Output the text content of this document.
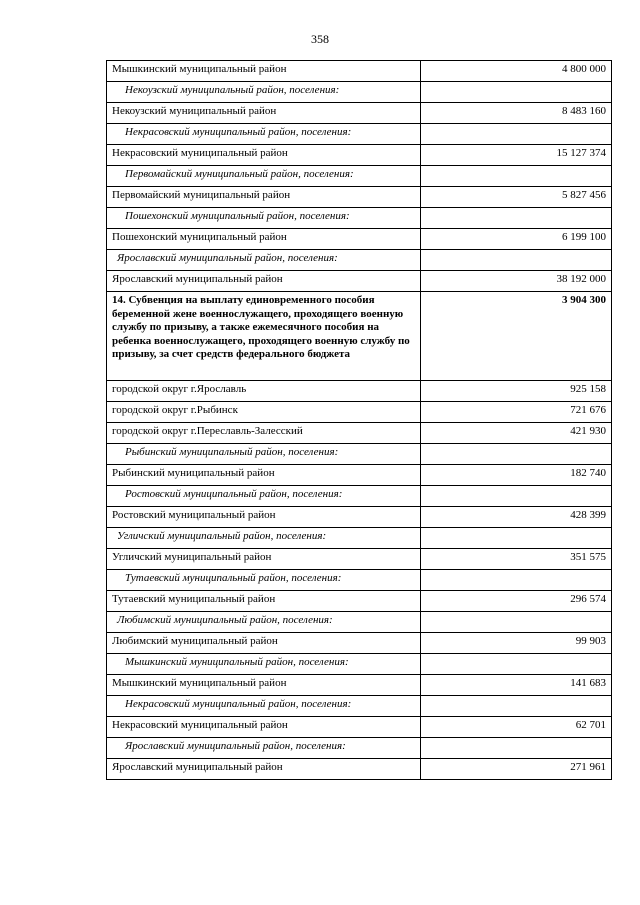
358
Мышкинский муниципальный район	4 800 000
Некоузский муниципальный район, поселения:	
Некоузский муниципальный район	8 483 160
Некрасовский муниципальный район, поселения:	
Некрасовский муниципальный район	15 127 374
Первомайский муниципальный район, поселения:	
Первомайский муниципальный район	5 827 456
Пошехонский муниципальный район, поселения:	
Пошехонский муниципальный район	6 199 100
Ярославский муниципальный район, поселения:	
Ярославский муниципальный район	38 192 000
14. Субвенция на выплату единовременного пособия беременной жене военнослужащего, проходящего военную службу по призыву, а также ежемесячного пособия на ребенка военнослужащего, проходящего военную службу по призыву, за счет средств федерального бюджета	3 904 300
городской округ г.Ярославль	925 158
городской округ г.Рыбинск	721 676
городской округ г.Переславль-Залесский	421 930
Рыбинский муниципальный район, поселения:	
Рыбинский муниципальный район	182 740
Ростовский муниципальный район, поселения:	
Ростовский муниципальный район	428 399
Угличский муниципальный район, поселения:	
Угличский муниципальный район	351 575
Тутаевский муниципальный район, поселения:	
Тутаевский муниципальный район	296 574
Любимский муниципальный район, поселения:	
Любимский муниципальный район	99 903
Мышкинский муниципальный район, поселения:	
Мышкинский муниципальный район	141 683
Некрасовский муниципальный район, поселения:	
Некрасовский муниципальный район	62 701
Ярославский муниципальный район, поселения:	
Ярославский муниципальный район	271 961
